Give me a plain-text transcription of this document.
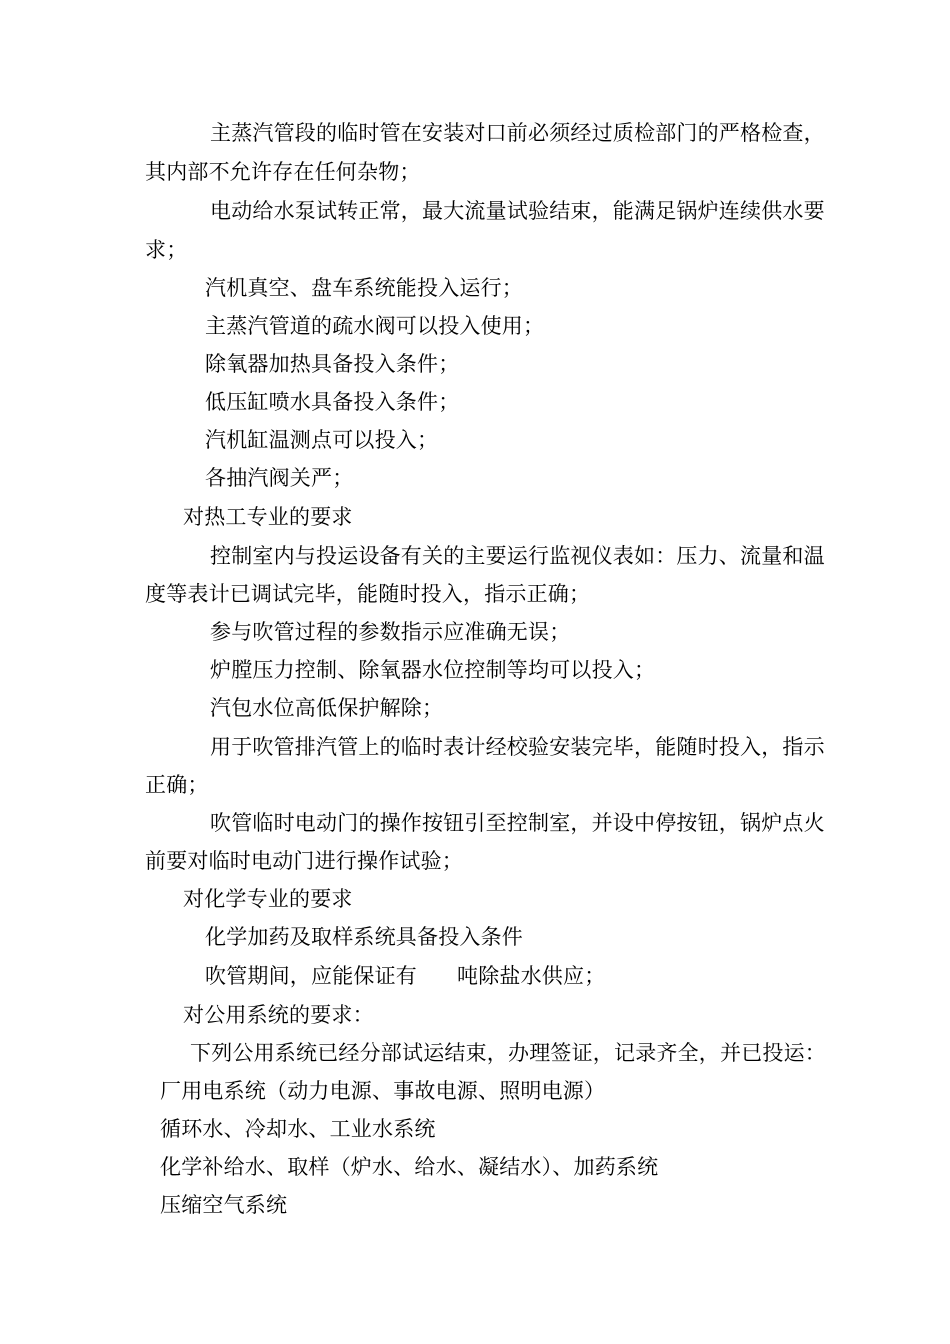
主蒸汽管段的临时管在安装对口前必须经过质检部门的严格检查，
其内部不允许存在任何杂物；
电动给水泵试转正常，最大流量试验结束，能满足锅炉连续供水要
求；
汽机真空、盘车系统能投入运行；
主蒸汽管道的疏水阀可以投入使用；
除氧器加热具备投入条件；
低压缸喷水具备投入条件；
汽机缸温测点可以投入；
各抽汽阀关严；
对热工专业的要求
控制室内与投运设备有关的主要运行监视仪表如：压力、流量和温
度等表计已调试完毕，能随时投入，指示正确；
参与吹管过程的参数指示应准确无误；
炉膛压力控制、除氧器水位控制等均可以投入；
汽包水位高低保护解除；
用于吹管排汽管上的临时表计经校验安装完毕，能随时投入，指示
正确；
吹管临时电动门的操作按钮引至控制室，并设中停按钮，锅炉点火
前要对临时电动门进行操作试验；
对化学专业的要求
化学加药及取样系统具备投入条件
吹管期间，应能保证有 吨除盐水供应；
对公用系统的要求：
下列公用系统已经分部试运结束，办理签证，记录齐全，并已投运：
厂用电系统（动力电源、事故电源、照明电源）
循环水、冷却水、工业水系统
化学补给水、取样（炉水、给水、凝结水）、加药系统
压缩空气系统
